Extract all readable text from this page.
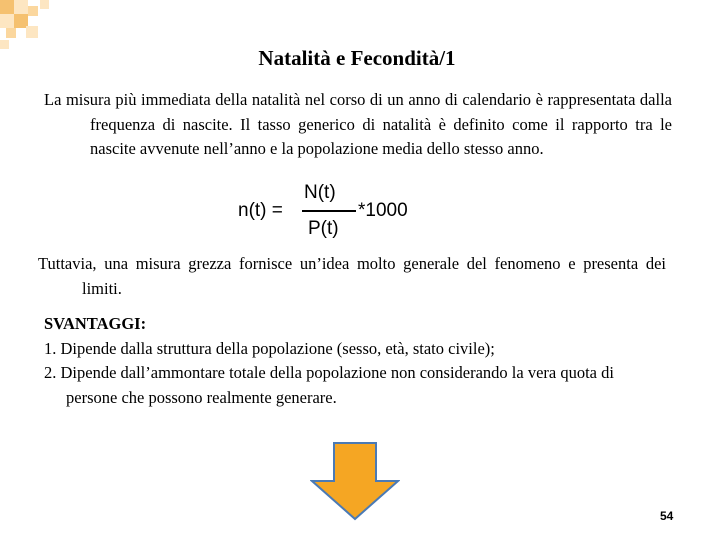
Natalità e Fecondità/1
La misura più immediata della natalità nel corso di un anno di calendario è rappresentata dalla frequenza di nascite. Il tasso generico di natalità è definito come il rapporto tra le nascite avvenute nell’anno e la popolazione media dello stesso anno.
n(t) =
N(t)
P(t)
*1000
Tuttavia, una misura grezza fornisce un’idea molto generale del fenomeno e presenta dei limiti.
SVANTAGGI:
1. Dipende dalla struttura della popolazione (sesso, età, stato civile);
2. Dipende dall’ammontare totale della popolazione non considerando la vera quota di persone che possono realmente generare.
54
